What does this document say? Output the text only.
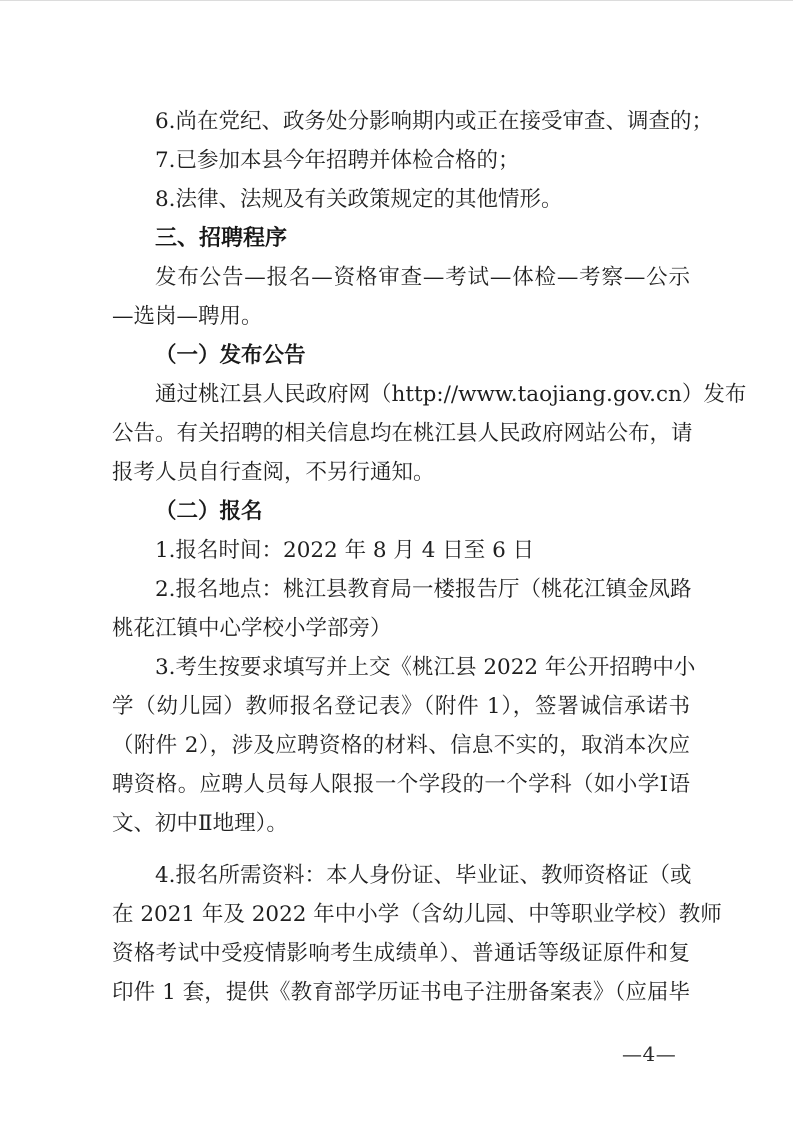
6.尚在党纪、政务处分影响期内或正在接受审查、调查的；
7.已参加本县今年招聘并体检合格的；
8.法律、法规及有关政策规定的其他情形。
三、招聘程序
发布公告—报名—资格审查—考试—体检—考察—公示
—选岗—聘用。
（一）发布公告
通过桃江县人民政府网（http://www.taojiang.gov.cn）发布
公告。有关招聘的相关信息均在桃江县人民政府网站公布，请
报考人员自行查阅，不另行通知。
（二）报名
1.报名时间：2022 年 8 月 4 日至 6 日
2.报名地点：桃江县教育局一楼报告厅（桃花江镇金凤路
桃花江镇中心学校小学部旁）
3.考生按要求填写并上交《桃江县 2022 年公开招聘中小
学（幼儿园）教师报名登记表》（附件 1），签署诚信承诺书
（附件 2），涉及应聘资格的材料、信息不实的，取消本次应
聘资格。应聘人员每人限报一个学段的一个学科（如小学Ⅰ语
文、初中Ⅱ地理）。
4.报名所需资料：本人身份证、毕业证、教师资格证（或
在 2021 年及 2022 年中小学（含幼儿园、中等职业学校）教师
资格考试中受疫情影响考生成绩单）、普通话等级证原件和复
印件 1 套，提供《教育部学历证书电子注册备案表》（应届毕
—4—
